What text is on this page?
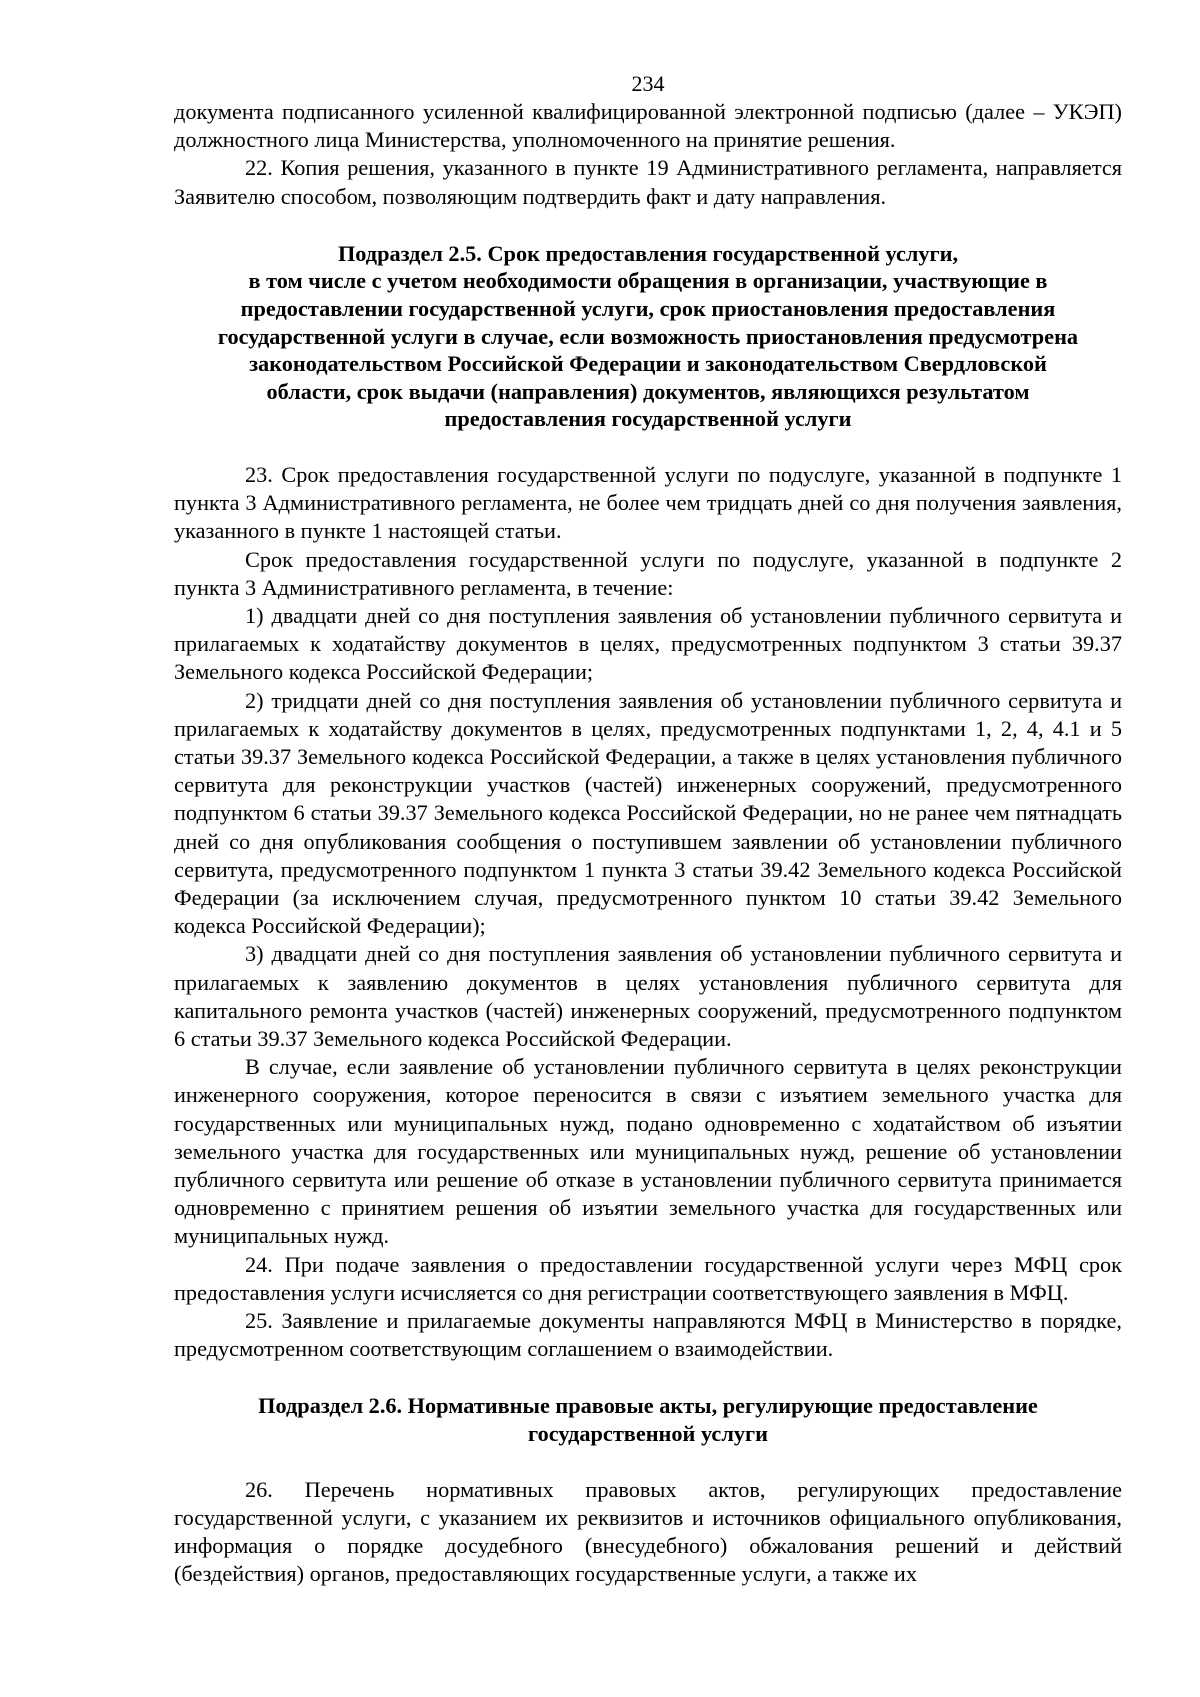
234

документа подписанного усиленной квалифицированной электронной подписью (далее – УКЭП) должностного лица Министерства, уполномоченного на принятие решения.

22. Копия решения, указанного в пункте 19 Административного регламента, направляется Заявителю способом, позволяющим подтвердить факт и дату направления.

Подраздел 2.5. Срок предоставления государственной услуги,
в том числе с учетом необходимости обращения в организации, участвующие в
предоставлении государственной услуги, срок приостановления предоставления
государственной услуги в случае, если возможность приостановления предусмотрена
законодательством Российской Федерации и законодательством Свердловской
области, срок выдачи (направления) документов, являющихся результатом
предоставления государственной услуги

23. Срок предоставления государственной услуги по подуслуге, указанной в подпункте 1 пункта 3 Административного регламента, не более чем тридцать дней со дня получения заявления, указанного в пункте 1 настоящей статьи.

Срок предоставления государственной услуги по подуслуге, указанной в подпункте 2 пункта 3 Административного регламента, в течение:

1) двадцати дней со дня поступления заявления об установлении публичного сервитута и прилагаемых к ходатайству документов в целях, предусмотренных подпунктом 3 статьи 39.37 Земельного кодекса Российской Федерации;

2) тридцати дней со дня поступления заявления об установлении публичного сервитута и прилагаемых к ходатайству документов в целях, предусмотренных подпунктами 1, 2, 4, 4.1 и 5 статьи 39.37 Земельного кодекса Российской Федерации, а также в целях установления публичного сервитута для реконструкции участков (частей) инженерных сооружений, предусмотренного подпунктом 6 статьи 39.37 Земельного кодекса Российской Федерации, но не ранее чем пятнадцать дней со дня опубликования сообщения о поступившем заявлении об установлении публичного сервитута, предусмотренного подпунктом 1 пункта 3 статьи 39.42 Земельного кодекса Российской Федерации (за исключением случая, предусмотренного пунктом 10 статьи 39.42 Земельного кодекса Российской Федерации);

3) двадцати дней со дня поступления заявления об установлении публичного сервитута и прилагаемых к заявлению документов в целях установления публичного сервитута для капитального ремонта участков (частей) инженерных сооружений, предусмотренного подпунктом 6 статьи 39.37 Земельного кодекса Российской Федерации.

В случае, если заявление об установлении публичного сервитута в целях реконструкции инженерного сооружения, которое переносится в связи с изъятием земельного участка для государственных или муниципальных нужд, подано одновременно с ходатайством об изъятии земельного участка для государственных или муниципальных нужд, решение об установлении публичного сервитута или решение об отказе в установлении публичного сервитута принимается одновременно с принятием решения об изъятии земельного участка для государственных или муниципальных нужд.

24. При подаче заявления о предоставлении государственной услуги через МФЦ срок предоставления услуги исчисляется со дня регистрации соответствующего заявления в МФЦ.

25. Заявление и прилагаемые документы направляются МФЦ в Министерство в порядке, предусмотренном соответствующим соглашением о взаимодействии.

Подраздел 2.6. Нормативные правовые акты, регулирующие предоставление
государственной услуги

26. Перечень нормативных правовых актов, регулирующих предоставление государственной услуги, с указанием их реквизитов и источников официального опубликования, информация о порядке досудебного (внесудебного) обжалования решений и действий (бездействия) органов, предоставляющих государственные услуги, а также их
